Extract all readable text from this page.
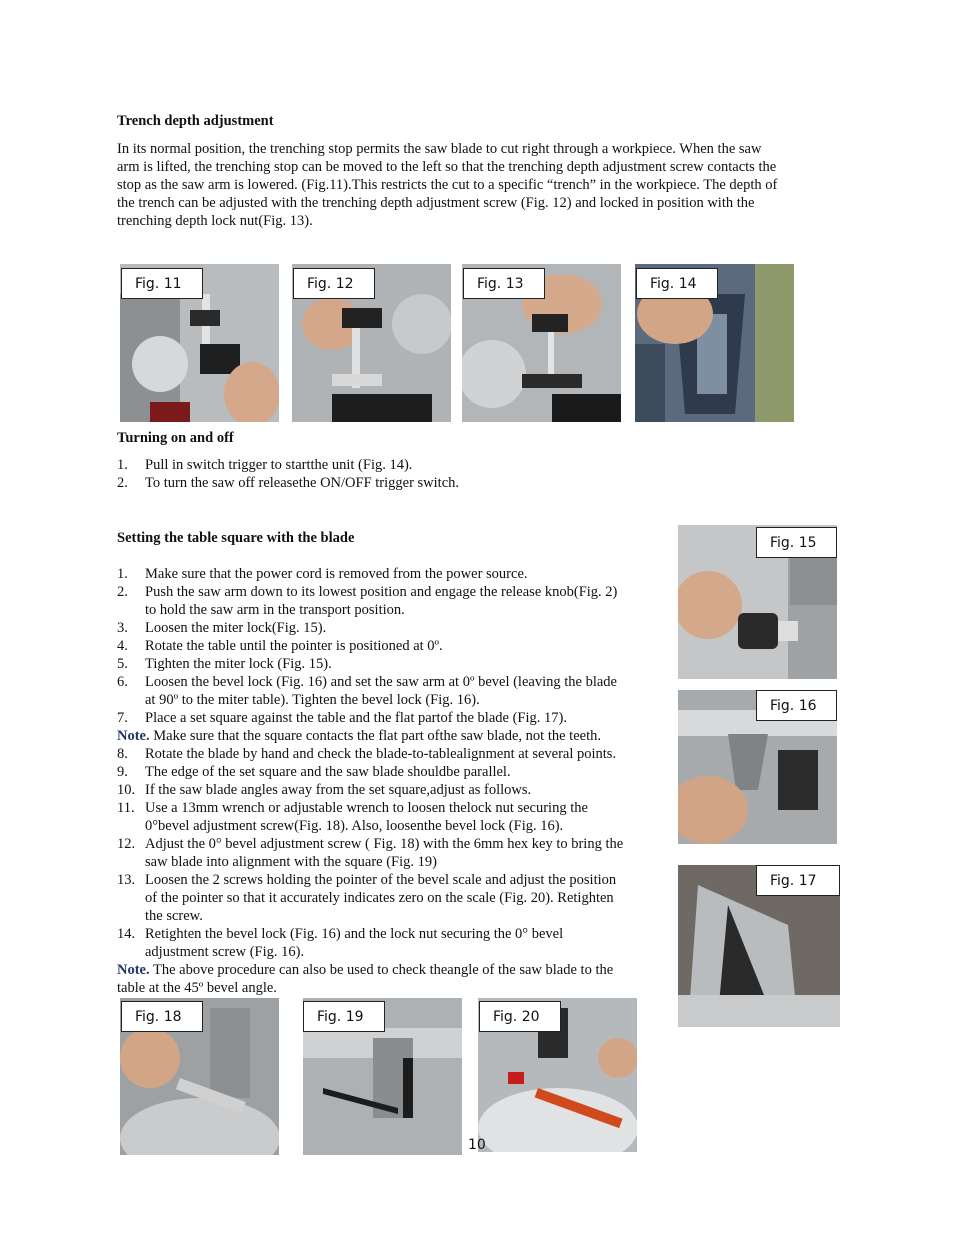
Trench depth adjustment
In its normal position, the trenching stop permits the saw blade to cut right through a workpiece. When the saw
arm is lifted, the trenching stop can be moved to the left so that the trenching depth adjustment screw contacts the
stop as the saw arm is lowered. (Fig.11).This restricts the cut to a specific “trench” in the workpiece. The depth of
the trench can be adjusted with the trenching depth adjustment screw (Fig. 12) and locked in position with the
trenching depth lock nut(Fig. 13).
Fig. 11	Fig. 12	Fig. 13	Fig. 14
Turning on and off
1. Pull in switch trigger to startthe unit (Fig. 14).
2. To turn the saw off releasethe ON/OFF trigger switch.
Setting the table square with the blade
1. Make sure that the power cord is removed from the power source.
2. Push the saw arm down to its lowest position and engage the release knob(Fig. 2)
to hold the saw arm in the transport position.
3. Loosen the miter lock(Fig. 15).
4. Rotate the table until the pointer is positioned at 0º.
5. Tighten the miter lock (Fig. 15).
6. Loosen the bevel lock (Fig. 16) and set the saw arm at 0º bevel (leaving the blade
at 90º to the miter table). Tighten the bevel lock (Fig. 16).
7. Place a set square against the table and the flat partof the blade (Fig. 17).
Note. Make sure that the square contacts the flat part ofthe saw blade, not the teeth.
8. Rotate the blade by hand and check the blade-to-tablealignment at several points.
9. The edge of the set square and the saw blade shouldbe parallel.
10. If the saw blade angles away from the set square,adjust as follows.
11. Use a 13mm wrench or adjustable wrench to loosen thelock nut securing the
0°bevel adjustment screw(Fig. 18). Also, loosenthe bevel lock (Fig. 16).
12. Adjust the 0° bevel adjustment screw ( Fig. 18) with the 6mm hex key to bring the
saw blade into alignment with the square (Fig. 19)
13. Loosen the 2 screws holding the pointer of the bevel scale and adjust the position
of the pointer so that it accurately indicates zero on the scale (Fig. 20). Retighten
the screw.
14. Retighten the bevel lock (Fig. 16) and the lock nut securing the 0° bevel
adjustment screw (Fig. 16).
Note. The above procedure can also be used to check theangle of the saw blade to the
table at the 45º bevel angle.
Fig. 15
Fig. 16
Fig. 17
Fig. 18	Fig. 19	Fig. 20
10
